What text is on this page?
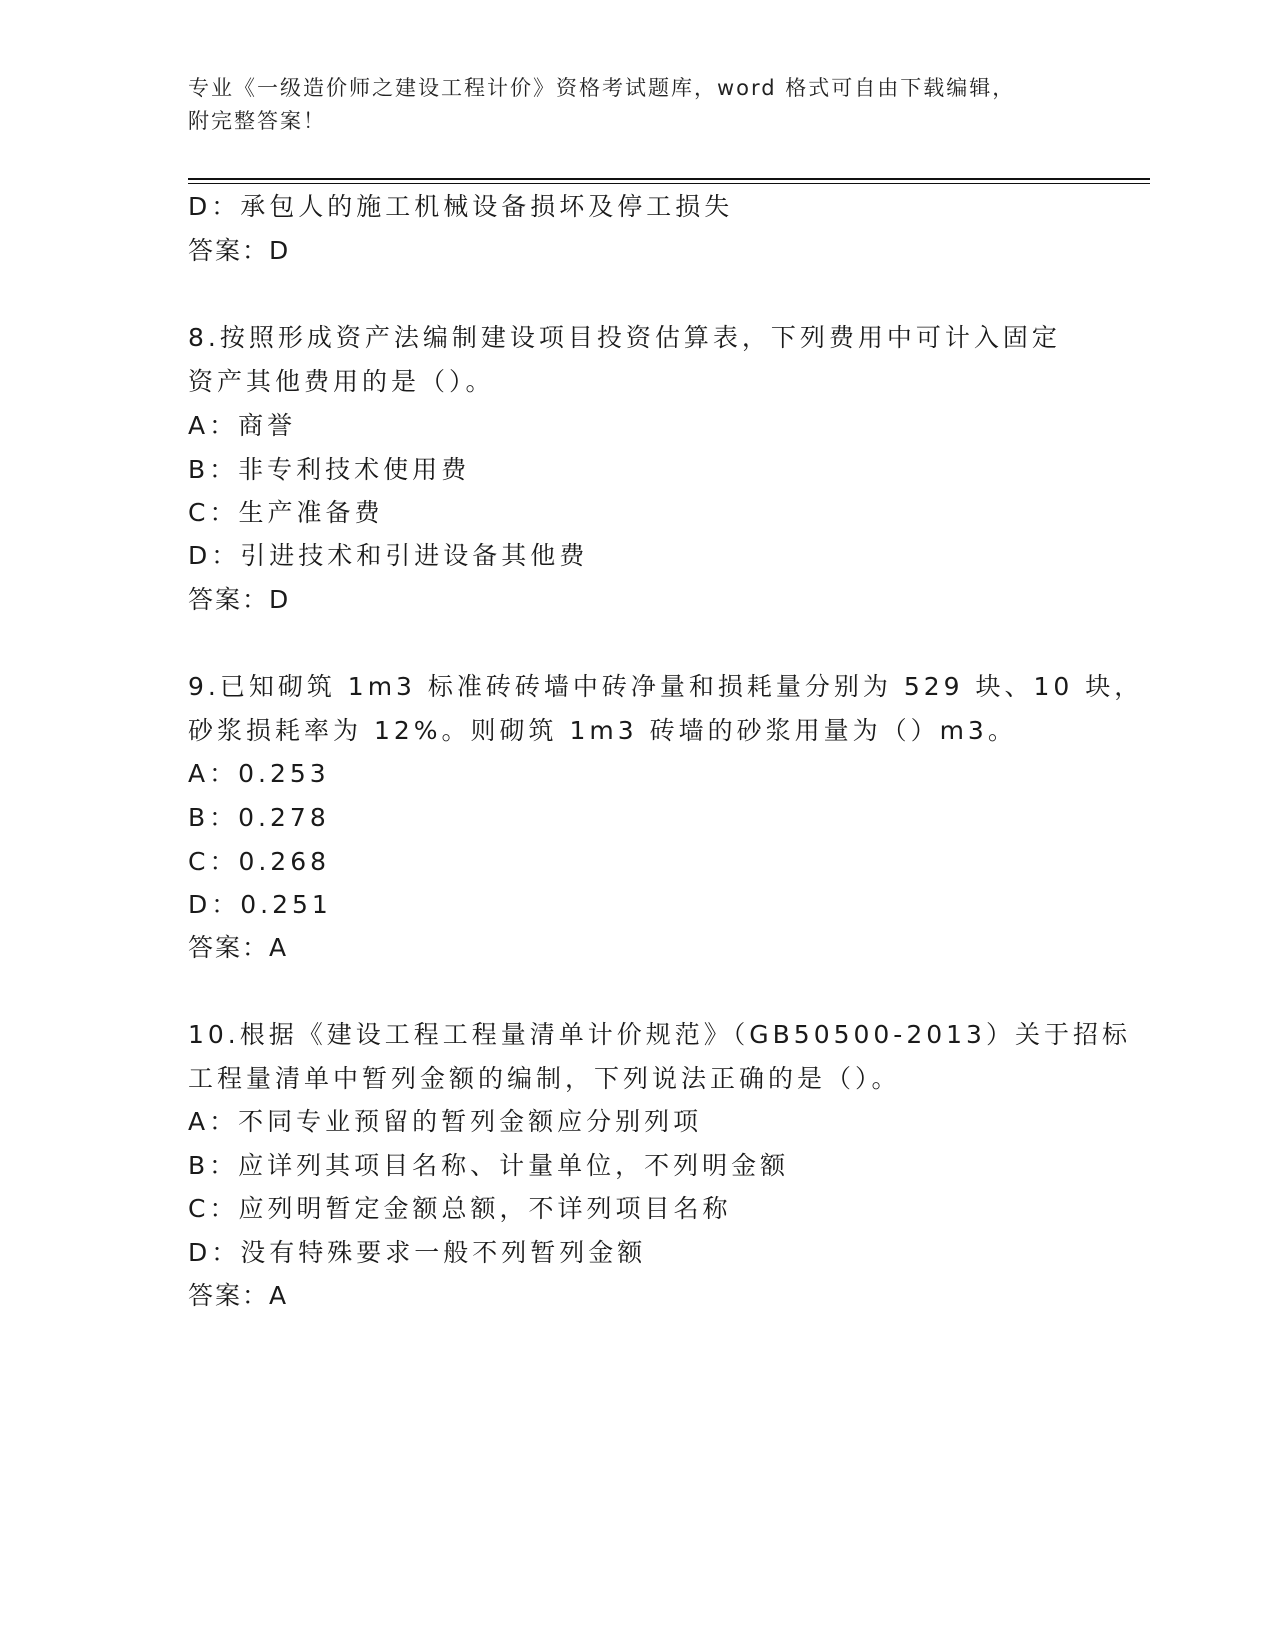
专业《一级造价师之建设工程计价》资格考试题库，word 格式可自由下载编辑，
附完整答案！
D：承包人的施工机械设备损坏及停工损失
答案：D
8.按照形成资产法编制建设项目投资估算表，下列费用中可计入固定
资产其他费用的是（）。
A：商誉
B：非专利技术使用费
C：生产准备费
D：引进技术和引进设备其他费
答案：D
9.已知砌筑 1m3 标准砖砖墙中砖净量和损耗量分别为 529 块、10 块，
砂浆损耗率为 12%。则砌筑 1m3 砖墙的砂浆用量为（）m3。
A：0.253
B：0.278
C：0.268
D：0.251
答案：A
10.根据《建设工程工程量清单计价规范》（GB50500-2013）关于招标
工程量清单中暂列金额的编制，下列说法正确的是（）。
A：不同专业预留的暂列金额应分别列项
B：应详列其项目名称、计量单位，不列明金额
C：应列明暂定金额总额，不详列项目名称
D：没有特殊要求一般不列暂列金额
答案：A
